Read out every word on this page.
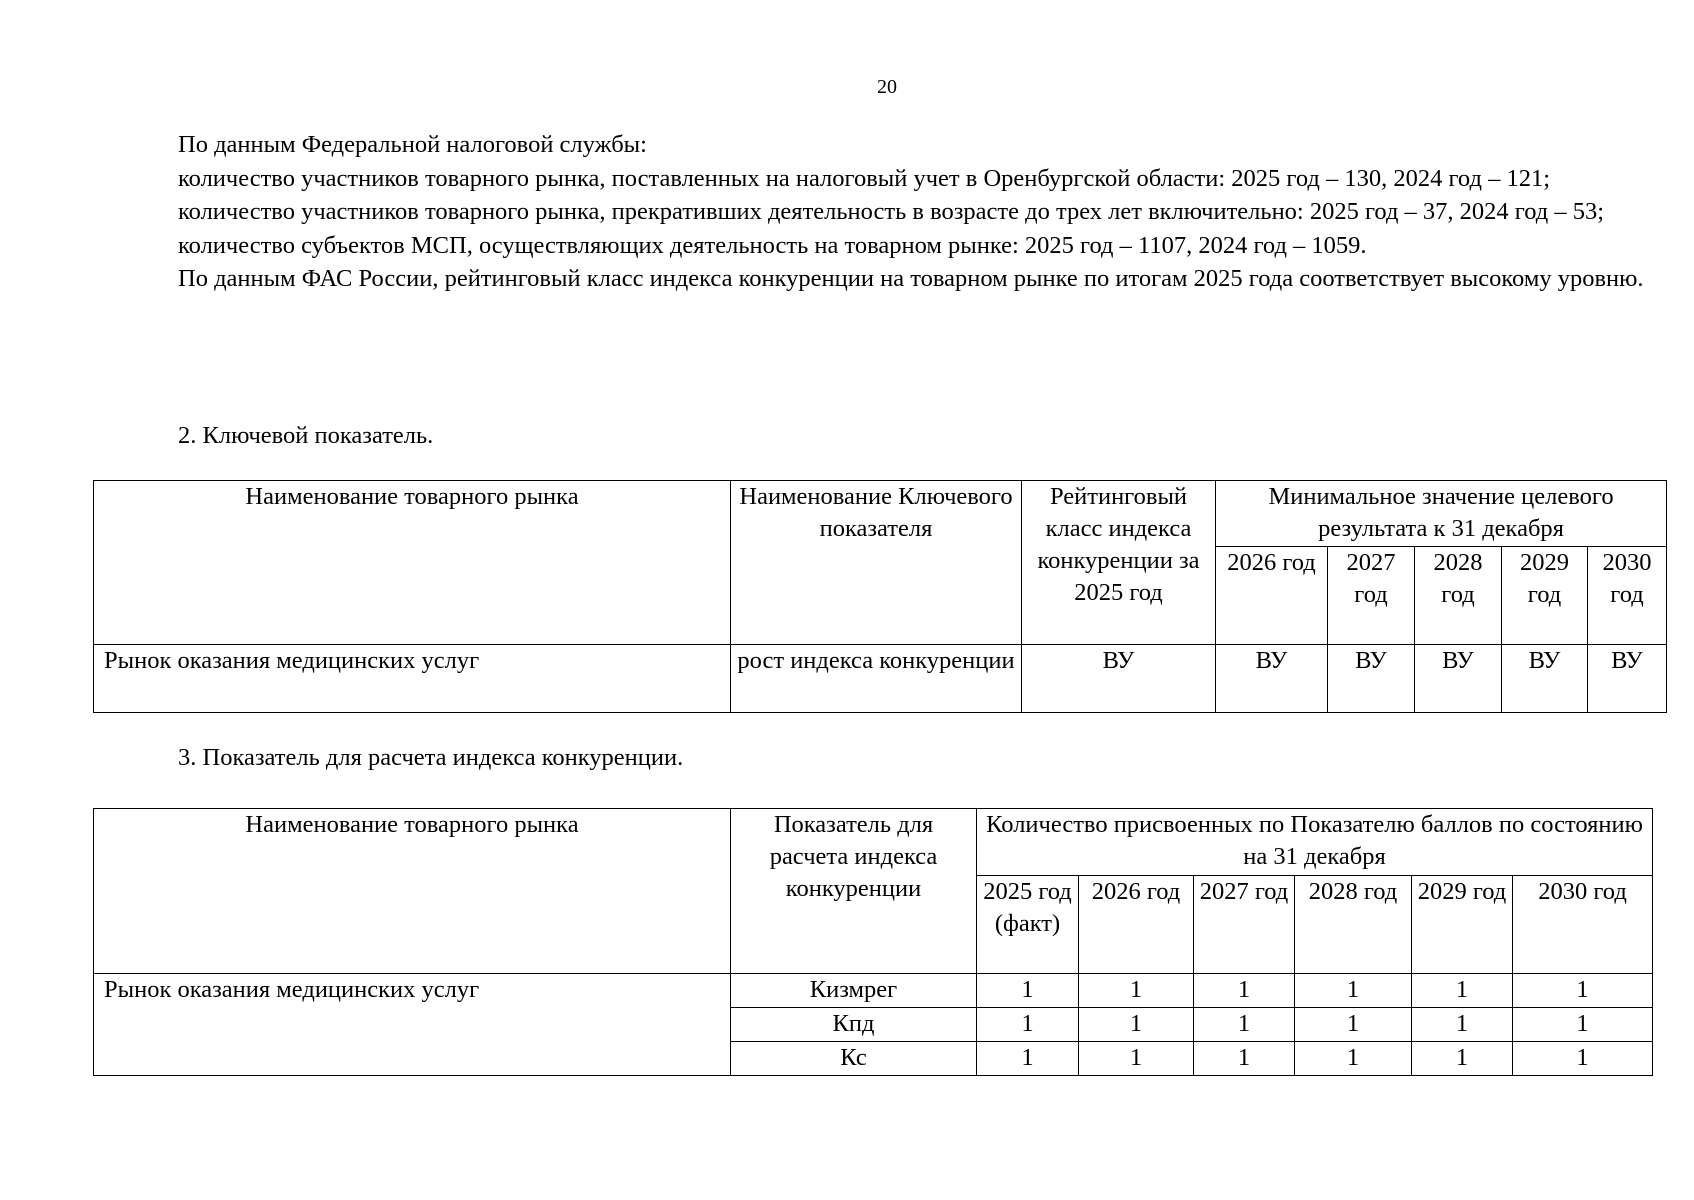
20

По данным Федеральной налоговой службы:

количество участников товарного рынка, поставленных на налоговый учет в Оренбургской области: 2025 год – 130, 2024 год – 121;

количество участников товарного рынка, прекративших деятельность в возрасте до трех лет включительно: 2025 год – 37, 2024 год – 53;

количество субъектов МСП, осуществляющих деятельность на товарном рынке: 2025 год – 1107, 2024 год – 1059.

По данным ФАС России, рейтинговый класс индекса конкуренции на товарном рынке по итогам 2025 года соответствует высокому уровню.

2. Ключевой показатель.
Наименование товарного рынка	Наименование Ключевого показателя	Рейтинговый класс индекса конкуренции за 2025 год	Минимальное значение целевого результата к 31 декабря				
			2026 год	2027 год	2028 год	2029 год	2030 год
Рынок оказания медицинских услуг	рост индекса конкуренции	ВУ	ВУ	ВУ	ВУ	ВУ	ВУ
3. Показатель для расчета индекса конкуренции.
Наименование товарного рынка	Показатель для расчета индекса конкуренции	Количество присвоенных по Показателю баллов по состоянию на 31 декабря					
		2025 год (факт)	2026 год	2027 год	2028 год	2029 год	2030 год
Рынок оказания медицинских услуг	Кизмрег	1	1	1	1	1	1
	Кпд	1	1	1	1	1	1
	Кс	1	1	1	1	1	1
